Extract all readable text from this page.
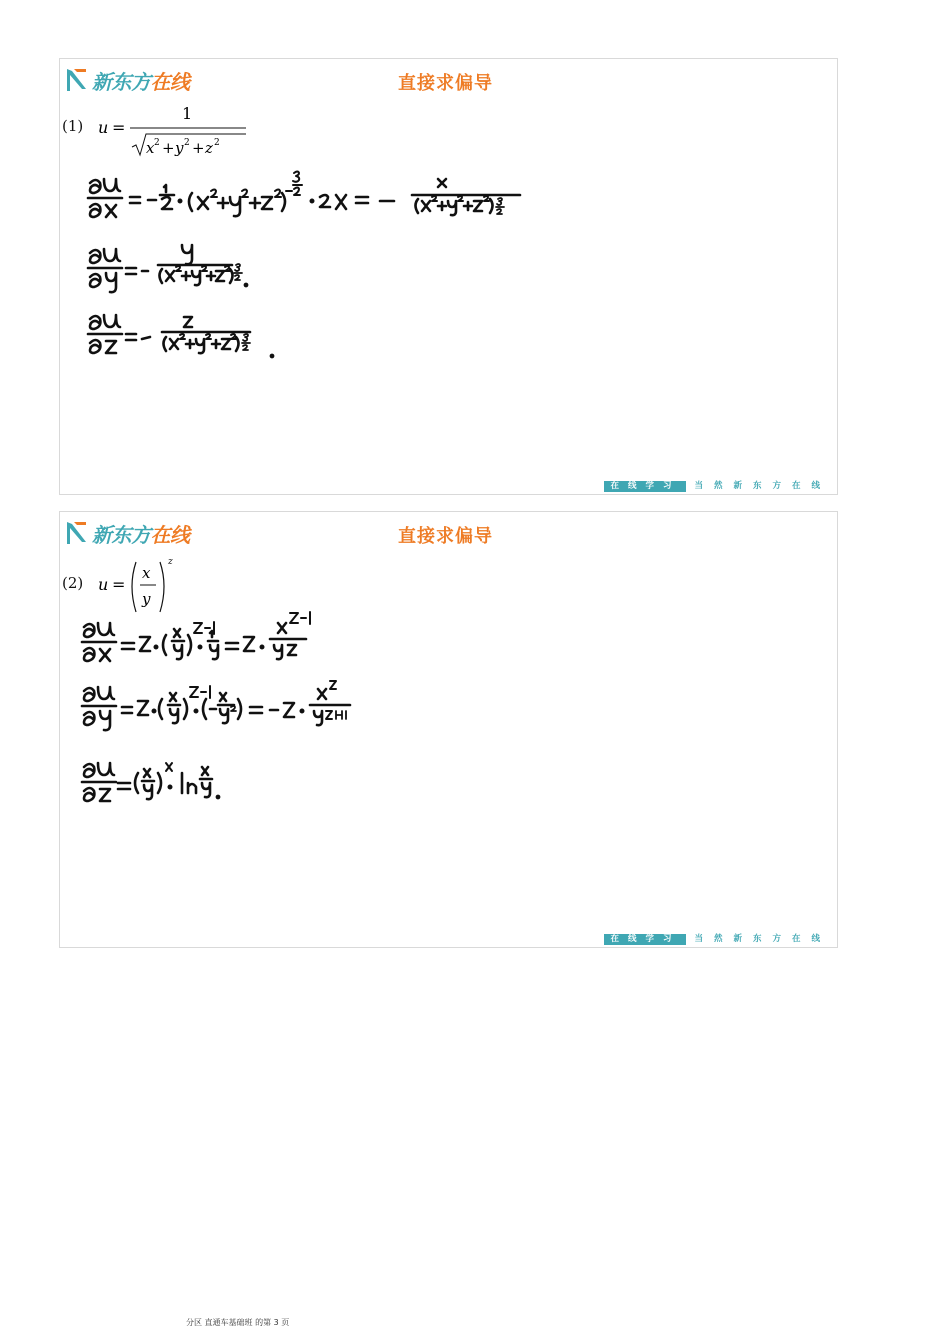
新东方在线	直接求偏导
(1) u =
1
x 2 + y 2 + z 2
在线学习	当然新东方在线
新东方在线	直接求偏导
(2) u =
x
y
z
在线学习	当然新东方在线
分区 直通车基础班 的第 3 页
